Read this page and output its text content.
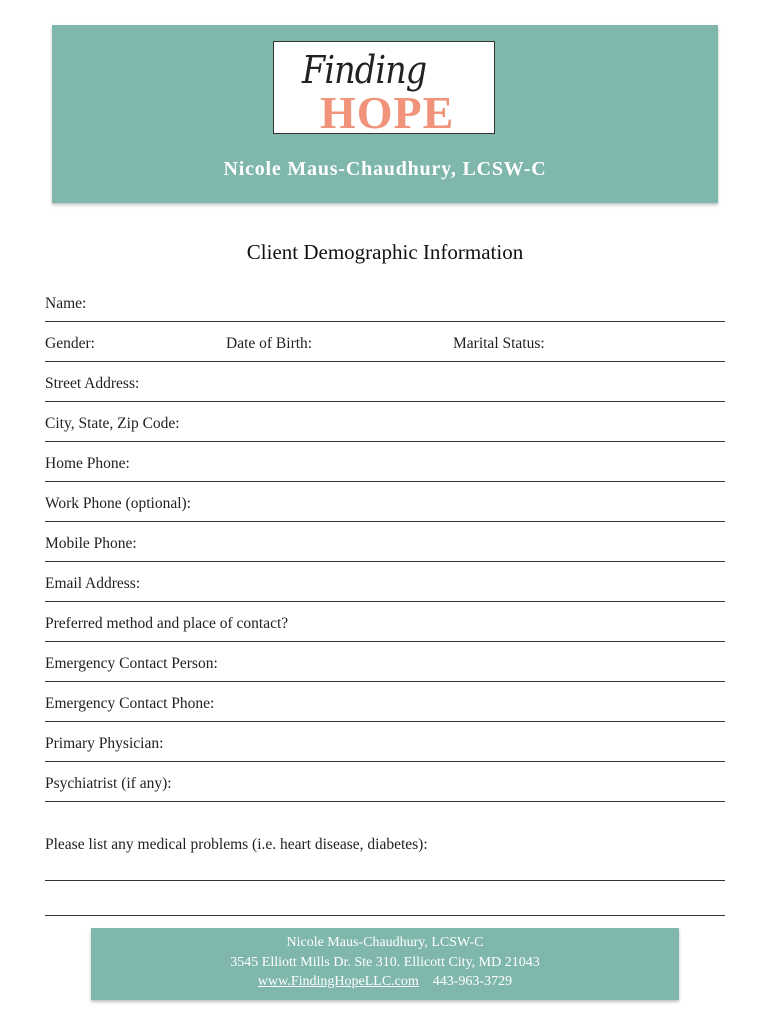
Finding
HOPE
Nicole Maus-Chaudhury, LCSW-C
Client Demographic Information
Name:
Gender:	Date of Birth:	Marital Status:
Street Address:
City, State, Zip Code:
Home Phone:
Work Phone (optional):
Mobile Phone:
Email Address:
Preferred method and place of contact?
Emergency Contact Person:
Emergency Contact Phone:
Primary Physician:
Psychiatrist (if any):
Please list any medical problems (i.e. heart disease, diabetes):
Nicole Maus-Chaudhury, LCSW-C
3545 Elliott Mills Dr. Ste 310. Ellicott City, MD 21043
www.FindingHopeLLC.com 443-963-3729
